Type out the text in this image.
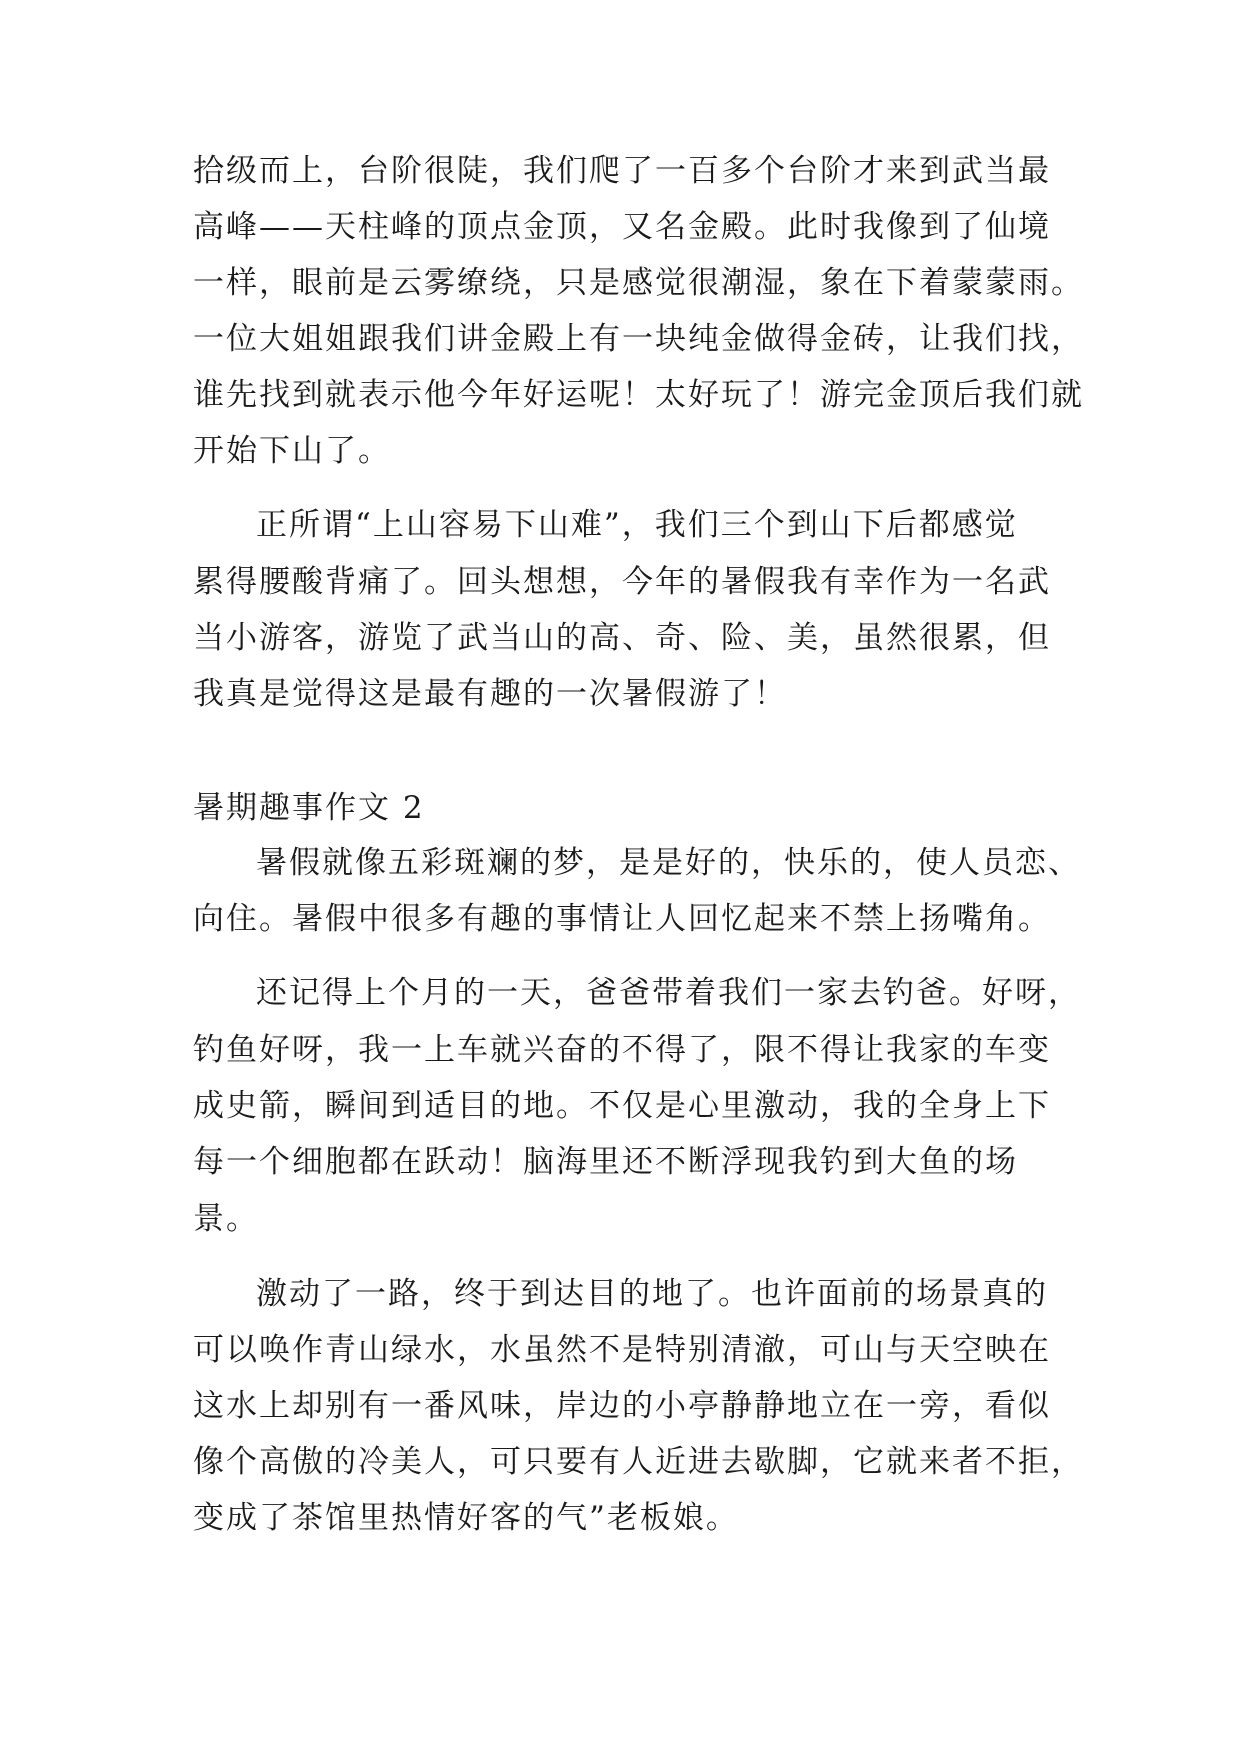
拾级而上，台阶很陡，我们爬了一百多个台阶才来到武当最
高峰——天柱峰的顶点金顶，又名金殿。此时我像到了仙境
一样，眼前是云雾缭绕，只是感觉很潮湿，象在下着蒙蒙雨。
一位大姐姐跟我们讲金殿上有一块纯金做得金砖，让我们找，
谁先找到就表示他今年好运呢！太好玩了！游完金顶后我们就
开始下山了。
正所谓“上山容易下山难”，我们三个到山下后都感觉
累得腰酸背痛了。回头想想，今年的暑假我有幸作为一名武
当小游客，游览了武当山的高、奇、险、美，虽然很累，但
我真是觉得这是最有趣的一次暑假游了！
暑期趣事作文 2
暑假就像五彩斑斓的梦，是是好的，快乐的，使人员恋、
向住。暑假中很多有趣的事情让人回忆起来不禁上扬嘴角。
还记得上个月的一天，爸爸带着我们一家去钓爸。好呀，
钓鱼好呀，我一上车就兴奋的不得了，限不得让我家的车变
成史箭，瞬间到适目的地。不仅是心里激动，我的全身上下
每一个细胞都在跃动！脑海里还不断浮现我钓到大鱼的场
景。
激动了一路，终于到达目的地了。也许面前的场景真的
可以唤作青山绿水，水虽然不是特别清澈，可山与天空映在
这水上却别有一番风味，岸边的小亭静静地立在一旁，看似
像个高傲的冷美人，可只要有人近进去歇脚，它就来者不拒，
变成了茶馆里热情好客的气”老板娘。
